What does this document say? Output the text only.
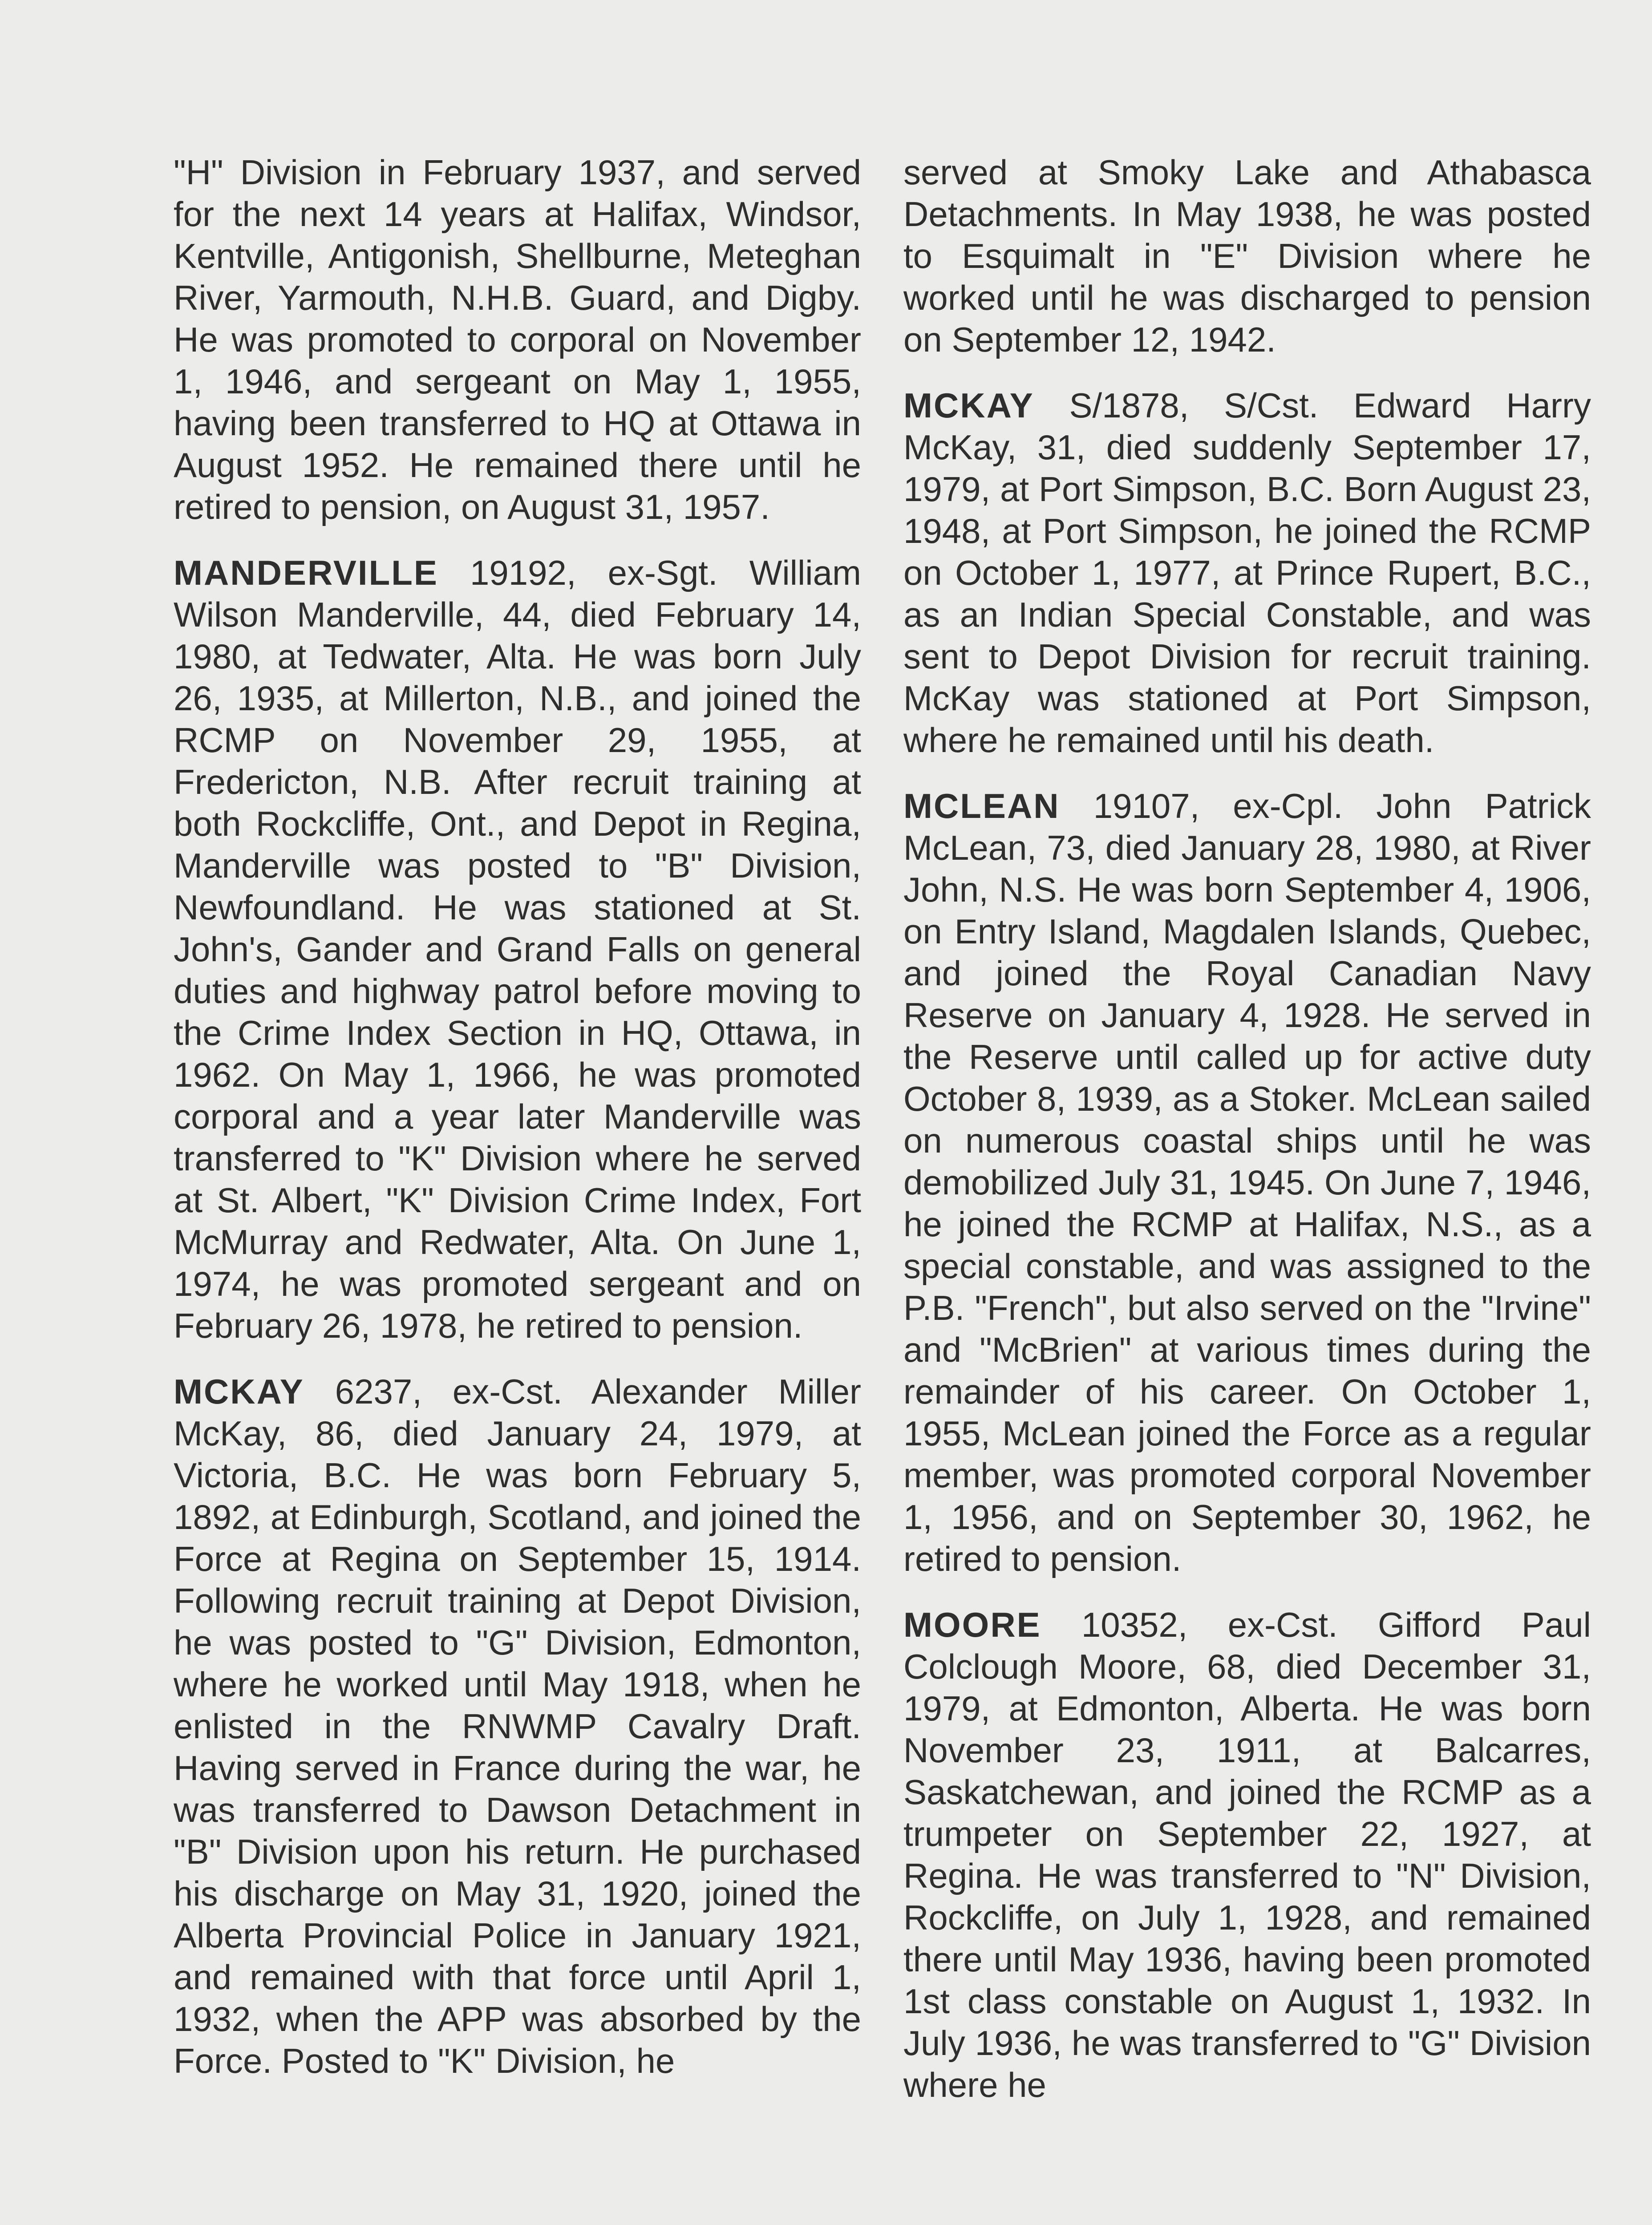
"H" Division in February 1937, and served for the next 14 years at Halifax, Windsor, Kentville, Antigonish, Shellburne, Meteghan River, Yarmouth, N.H.B. Guard, and Digby. He was promoted to corporal on November 1, 1946, and sergeant on May 1, 1955, having been transferred to HQ at Ottawa in August 1952. He remained there until he retired to pension, on August 31, 1957.

MANDERVILLE 19192, ex-Sgt. William Wilson Manderville, 44, died February 14, 1980, at Tedwater, Alta. He was born July 26, 1935, at Millerton, N.B., and joined the RCMP on November 29, 1955, at Fredericton, N.B. After recruit training at both Rockcliffe, Ont., and Depot in Regina, Manderville was posted to "B" Division, Newfoundland. He was stationed at St. John's, Gander and Grand Falls on general duties and highway patrol before moving to the Crime Index Section in HQ, Ottawa, in 1962. On May 1, 1966, he was promoted corporal and a year later Manderville was transferred to "K" Division where he served at St. Albert, "K" Division Crime Index, Fort McMurray and Redwater, Alta. On June 1, 1974, he was promoted sergeant and on February 26, 1978, he retired to pension.

MCKAY 6237, ex-Cst. Alexander Miller McKay, 86, died January 24, 1979, at Victoria, B.C. He was born February 5, 1892, at Edinburgh, Scotland, and joined the Force at Regina on September 15, 1914. Following recruit training at Depot Division, he was posted to "G" Division, Edmonton, where he worked until May 1918, when he enlisted in the RNWMP Cavalry Draft. Having served in France during the war, he was transferred to Dawson Detachment in "B" Division upon his return. He purchased his discharge on May 31, 1920, joined the Alberta Provincial Police in January 1921, and remained with that force until April 1, 1932, when the APP was absorbed by the Force. Posted to "K" Division, he

served at Smoky Lake and Athabasca Detachments. In May 1938, he was posted to Esquimalt in "E" Division where he worked until he was discharged to pension on September 12, 1942.

MCKAY S/1878, S/Cst. Edward Harry McKay, 31, died suddenly September 17, 1979, at Port Simpson, B.C. Born August 23, 1948, at Port Simpson, he joined the RCMP on October 1, 1977, at Prince Rupert, B.C., as an Indian Special Constable, and was sent to Depot Division for recruit training. McKay was stationed at Port Simpson, where he remained until his death.

MCLEAN 19107, ex-Cpl. John Patrick McLean, 73, died January 28, 1980, at River John, N.S. He was born September 4, 1906, on Entry Island, Magdalen Islands, Quebec, and joined the Royal Canadian Navy Reserve on January 4, 1928. He served in the Reserve until called up for active duty October 8, 1939, as a Stoker. McLean sailed on numerous coastal ships until he was demobilized July 31, 1945. On June 7, 1946, he joined the RCMP at Halifax, N.S., as a special constable, and was assigned to the P.B. "French", but also served on the "Irvine" and "McBrien" at various times during the remainder of his career. On October 1, 1955, McLean joined the Force as a regular member, was promoted corporal November 1, 1956, and on September 30, 1962, he retired to pension.

MOORE 10352, ex-Cst. Gifford Paul Colclough Moore, 68, died December 31, 1979, at Edmonton, Alberta. He was born November 23, 1911, at Balcarres, Saskatchewan, and joined the RCMP as a trumpeter on September 22, 1927, at Regina. He was transferred to "N" Division, Rockcliffe, on July 1, 1928, and remained there until May 1936, having been promoted 1st class constable on August 1, 1932. In July 1936, he was transferred to "G" Division where he
